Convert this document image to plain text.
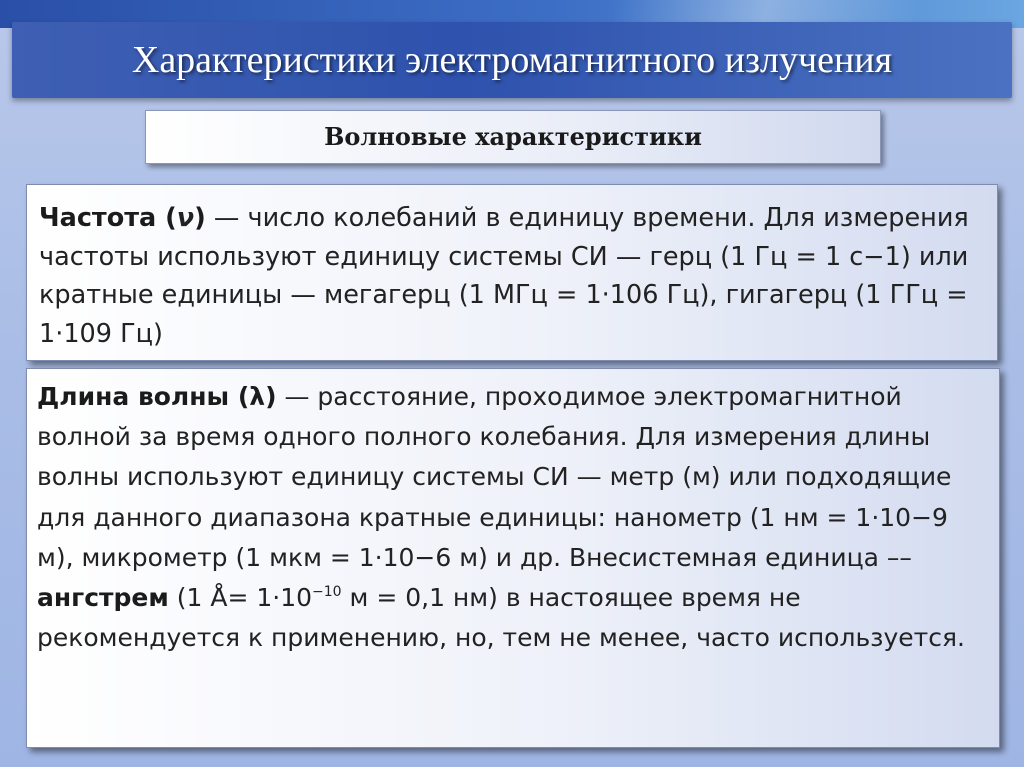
Характеристики электромагнитного излучения
Волновые характеристики

Частота (ν) — число колебаний в единицу времени. Для измерения частоты используют единицу системы СИ — герц (1 Гц = 1 с−1) или кратные единицы — мегагерц (1 МГц = 1·106 Гц), гигагерц (1 ГГц = 1·109 Гц)

Длина волны (λ) — расстояние, проходимое электромагнитной волной за время одного полного колебания. Для измерения длины волны используют единицу системы СИ — метр (м) или подходящие для данного диапазона кратные единицы: нанометр (1 нм = 1·10−9 м), микрометр (1 мкм = 1·10−6 м) и др. Внесистемная единица –– ангстрем (1 Å= $1\cdot 10^{-10}$ м = 0,1 нм) в настоящее время не рекомендуется к применению, но, тем не менее, часто используется.
